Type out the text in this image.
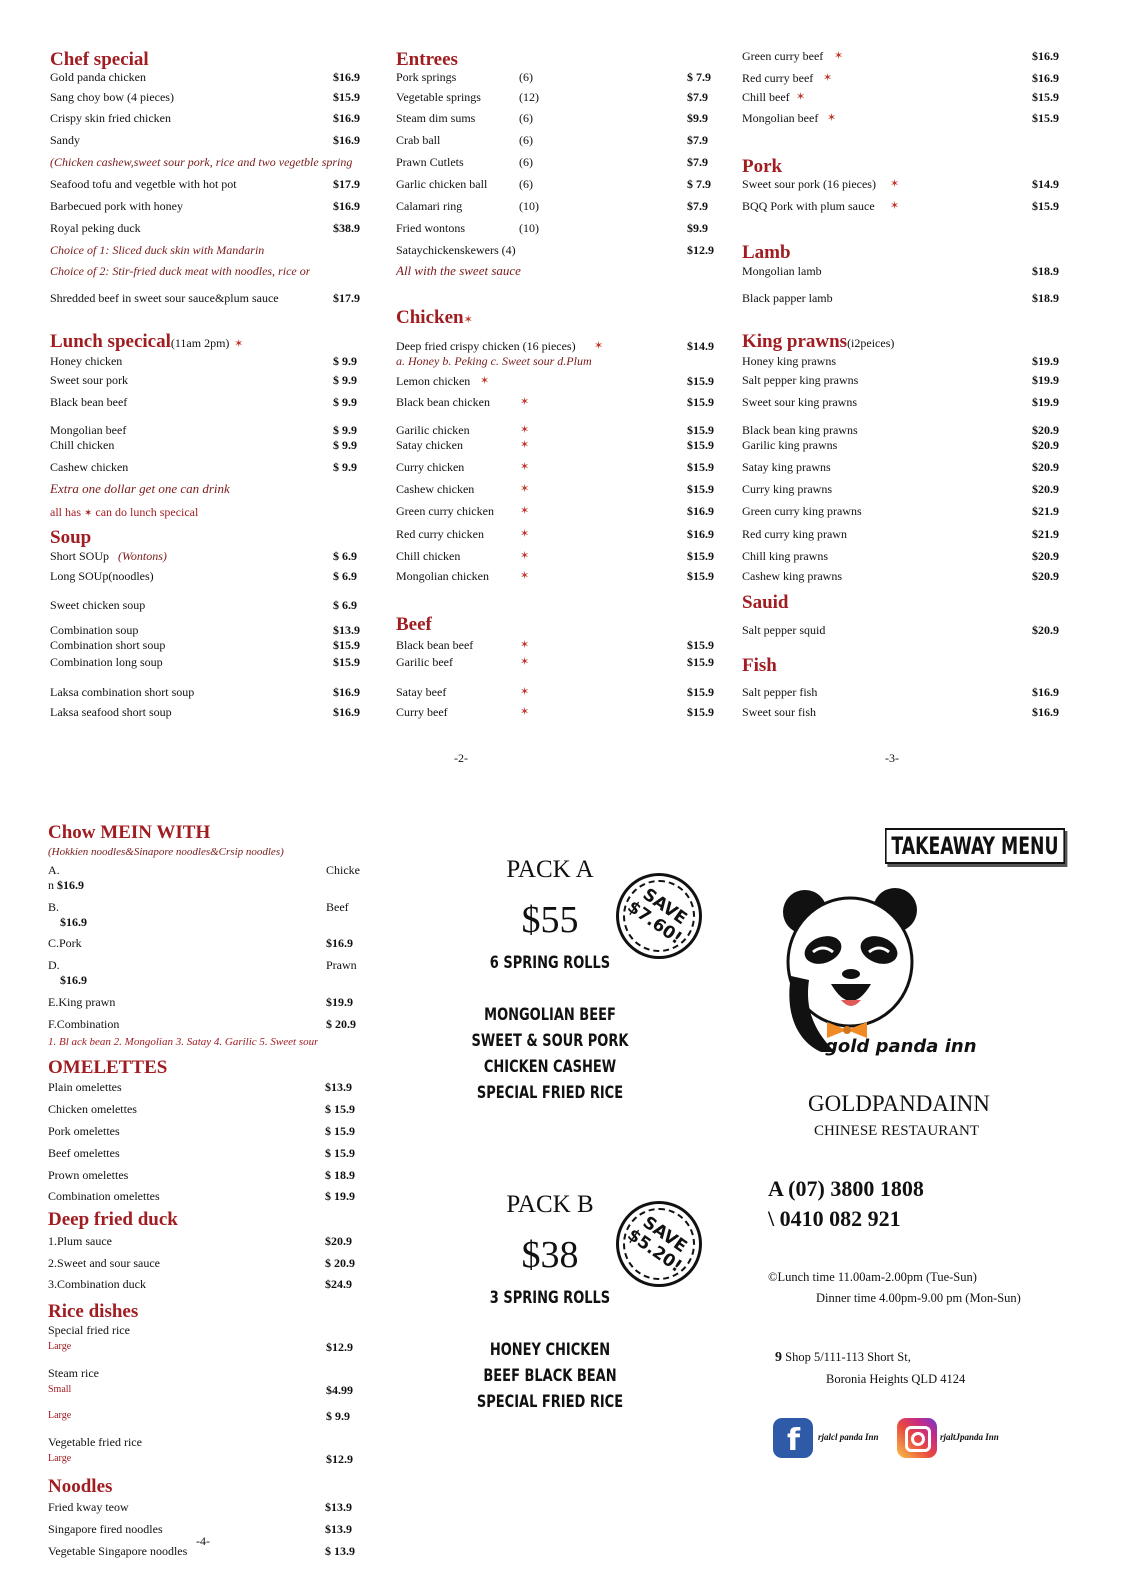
Chef special
Gold panda chicken	$16.9
Sang choy bow (4 pieces)	$15.9
Crispy skin fried chicken	$16.9
Sandy	$16.9
(Chicken cashew,sweet sour pork, rice and two vegetble spring
Seafood tofu and vegetble with hot pot	$17.9
Barbecued pork with honey	$16.9
Royal peking duck	$38.9
Choice of 1: Sliced duck skin with Mandarin
Choice of 2: Stir-fried duck meat with noodles, rice or
Shredded beef in sweet sour sauce&plum sauce	$17.9
Lunch specical(11am 2pm) ✶
Honey chicken	$ 9.9
Sweet sour pork	$ 9.9
Black bean beef	$ 9.9
Mongolian beef	$ 9.9
Chill chicken	$ 9.9
Cashew chicken	$ 9.9
Extra one dollar get one can drink
all has ✶ can do lunch specical
Soup
Short SOUp (Wontons)	$ 6.9
Long SOUp(noodles)	$ 6.9
Sweet chicken soup	$ 6.9
Combination soup	$13.9
Combination short soup	$15.9
Combination long soup	$15.9
Laksa combination short soup	$16.9
Laksa seafood short soup	$16.9
Entrees
Pork springs	(6)	$ 7.9
Vegetable springs	(12)	$7.9
Steam dim sums	(6)	$9.9
Crab ball	(6)	$7.9
Prawn Cutlets	(6)	$7.9
Garlic chicken ball	(6)	$ 7.9
Calamari ring	(10)	$7.9
Fried wontons	(10)	$9.9
Sataychickenskewers (4)	$12.9
All with the sweet sauce
Chicken✶
Deep fried crispy chicken (16 pieces) ✶	$14.9
a. Honey b. Peking c. Sweet sour d.Plum
Lemon chicken ✶	$15.9
Black bean chicken	✶	$15.9
Garilic chicken	✶	$15.9
Satay chicken	✶	$15.9
Curry chicken	✶	$15.9
Cashew chicken	✶	$15.9
Green curry chicken ✶	$16.9
Red curry chicken	✶	$16.9
Chill chicken	✶	$15.9
Mongolian chicken	✶	$15.9
Beef
Black bean beef	✶	$15.9
Garilic beef	✶	$15.9
Satay beef	✶	$15.9
Curry beef	✶	$15.9
-2-
Green curry beef ✶	$16.9
Red curry beef ✶	$16.9
Chill beef ✶	$15.9
Mongolian beef ✶	$15.9
Pork
Sweet sour pork (16 pieces) ✶	$14.9
BQQ Pork with plum sauce ✶	$15.9
Lamb
Mongolian lamb	$18.9
Black papper lamb	$18.9
King prawns(i2peices)
Honey king prawns	$19.9
Salt pepper king prawns	$19.9
Sweet sour king prawns	$19.9
Black bean king prawns	$20.9
Garilic king prawns	$20.9
Satay king prawns	$20.9
Curry king prawns	$20.9
Green curry king prawns	$21.9
Red curry king prawn	$21.9
Chill king prawns	$20.9
Cashew king prawns	$20.9
Sauid
Salt pepper squid	$20.9
Fish
Salt pepper fish	$16.9
Sweet sour fish	$16.9
-3-
Chow MEIN WITH
(Hokkien noodles&Sinapore noodles&Crsip noodles)
A.	Chicke
n $16.9
B.	Beef
$16.9
C.Pork	$16.9
D.	Prawn
$16.9
E.King prawn	$19.9
F.Combination	$ 20.9
1. Bl ack bean 2. Mongolian 3. Satay 4. Garilic 5. Sweet sour
OMELETTES
Plain omelettes	$13.9
Chicken omelettes	$ 15.9
Pork omelettes	$ 15.9
Beef omelettes	$ 15.9
Prown omelettes	$ 18.9
Combination omelettes	$ 19.9
Deep fried duck
1.Plum sauce	$20.9
2.Sweet and sour sauce	$ 20.9
3.Combination duck	$24.9
Rice dishes
Special fried rice
Large	$12.9
Steam rice
Small	$4.99
Large	$ 9.9
Vegetable fried rice
Large	$12.9
Noodles
Fried kway teow	$13.9
Singapore fired noodles	$13.9
Vegetable Singapore noodles	$ 13.9
-4-
PACK A
$55
6 SPRING ROLLS
MONGOLIAN BEEF
SWEET & SOUR PORK
CHICKEN CASHEW
SPECIAL FRIED RICE
SAVE $7.60!
PACK B
$38
3 SPRING ROLLS
HONEY CHICKEN
BEEF BLACK BEAN
SPECIAL FRIED RICE
SAVE $5.20!
TAKEAWAY MENU
gold panda inn
GOLDPANDAINN
CHINESE RESTAURANT
A (07) 3800 1808
\ 0410 082 921
©Lunch time 11.00am-2.00pm (Tue-Sun)
Dinner time 4.00pm-9.00 pm (Mon-Sun)
9 Shop 5/111-113 Short St,
Boronia Heights QLD 4124
f rjalcl panda Inn	rjaltJpanda Inn
